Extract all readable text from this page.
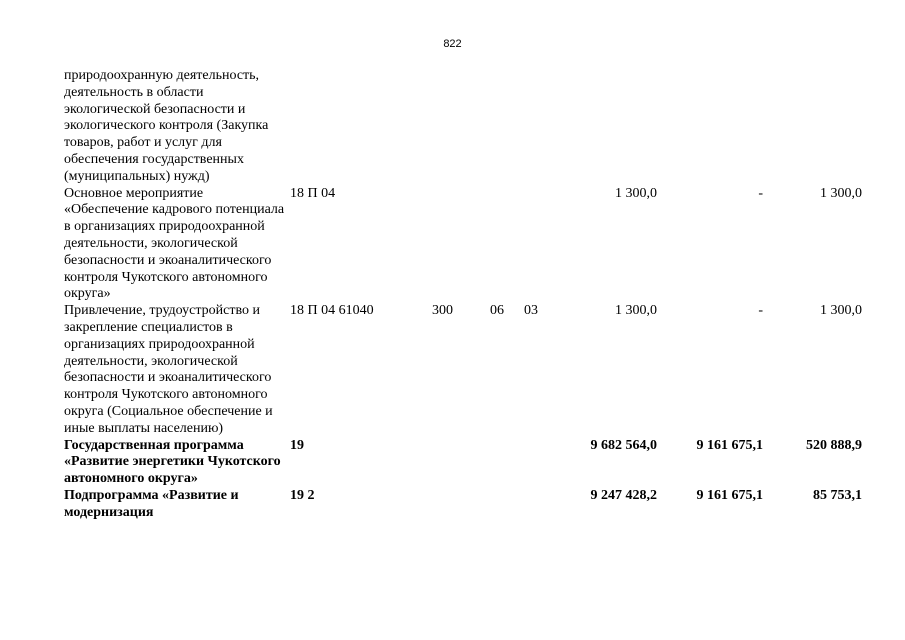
822
природоохранную деятельность, деятельность в области экологической безопасности и экологического контроля (Закупка товаров, работ и услуг для обеспечения государственных (муниципальных) нужд)							
Основное мероприятие «Обеспечение кадрового потенциала в организациях природоохранной деятельности, экологической безопасности и экоаналитического контроля Чукотского автономного округа»	18 П 04				1 300,0	-	1 300,0
Привлечение, трудоустройство и закрепление специалистов в организациях природоохранной деятельности, экологической безопасности и экоаналитического контроля Чукотского автономного округа (Социальное обеспечение и иные выплаты населению)	18 П 04 61040	300	06	03	1 300,0	-	1 300,0
Государственная программа «Развитие энергетики Чукотского автономного округа»	19				9 682 564,0	9 161 675,1	520 888,9
Подпрограмма «Развитие и модернизация	19 2				9 247 428,2	9 161 675,1	85 753,1
